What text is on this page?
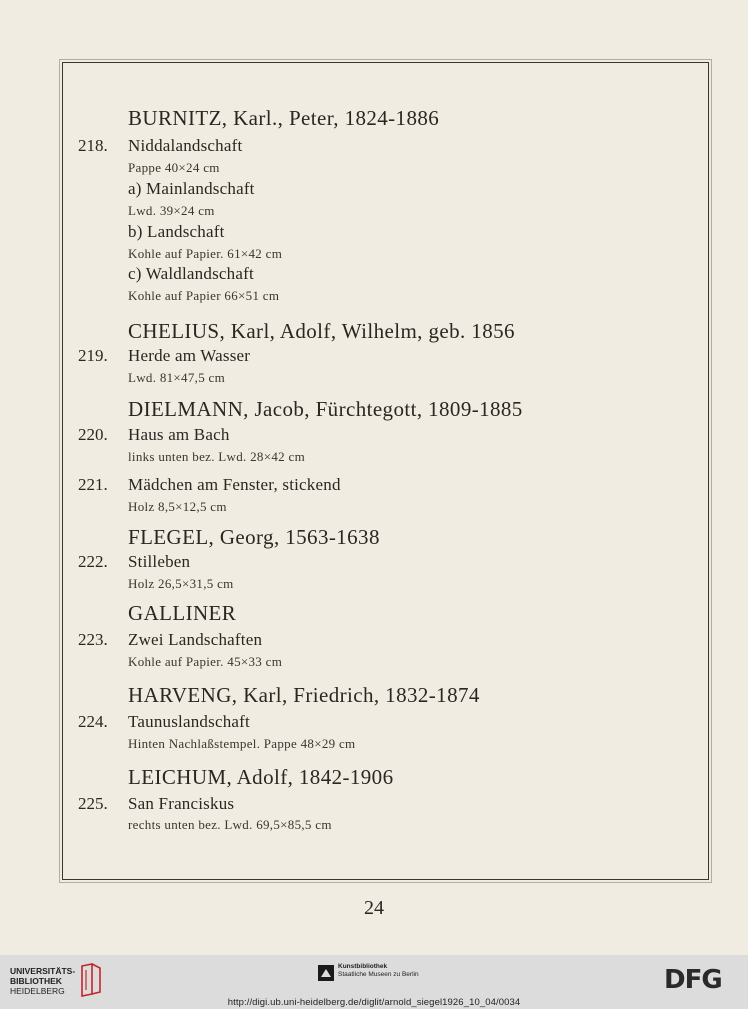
BURNITZ, Karl., Peter, 1824-1886
218.	Niddalandschaft
Pappe 40×24 cm
a) Mainlandschaft
Lwd. 39×24 cm
b) Landschaft
Kohle auf Papier. 61×42 cm
c) Waldlandschaft
Kohle auf Papier 66×51 cm
CHELIUS, Karl, Adolf, Wilhelm, geb. 1856
219.	Herde am Wasser
Lwd. 81×47,5 cm
DIELMANN, Jacob, Fürchtegott, 1809-1885
220.	Haus am Bach
links unten bez. Lwd. 28×42 cm
221.	Mädchen am Fenster, stickend
Holz 8,5×12,5 cm
FLEGEL, Georg, 1563-1638
222.	Stilleben
Holz 26,5×31,5 cm
GALLINER
223.	Zwei Landschaften
Kohle auf Papier. 45×33 cm
HARVENG, Karl, Friedrich, 1832-1874
224.	Taunuslandschaft
Hinten Nachlaßstempel. Pappe 48×29 cm
LEICHUM, Adolf, 1842-1906
225.	San Franciskus
rechts unten bez. Lwd. 69,5×85,5 cm
24
UNIVERSITÄTS-
BIBLIOTHEK
HEIDELBERG
Kunstbibliothek
Staatliche Museen zu Berlin	DFG
http://digi.ub.uni-heidelberg.de/diglit/arnold_siegel1926_10_04/0034
